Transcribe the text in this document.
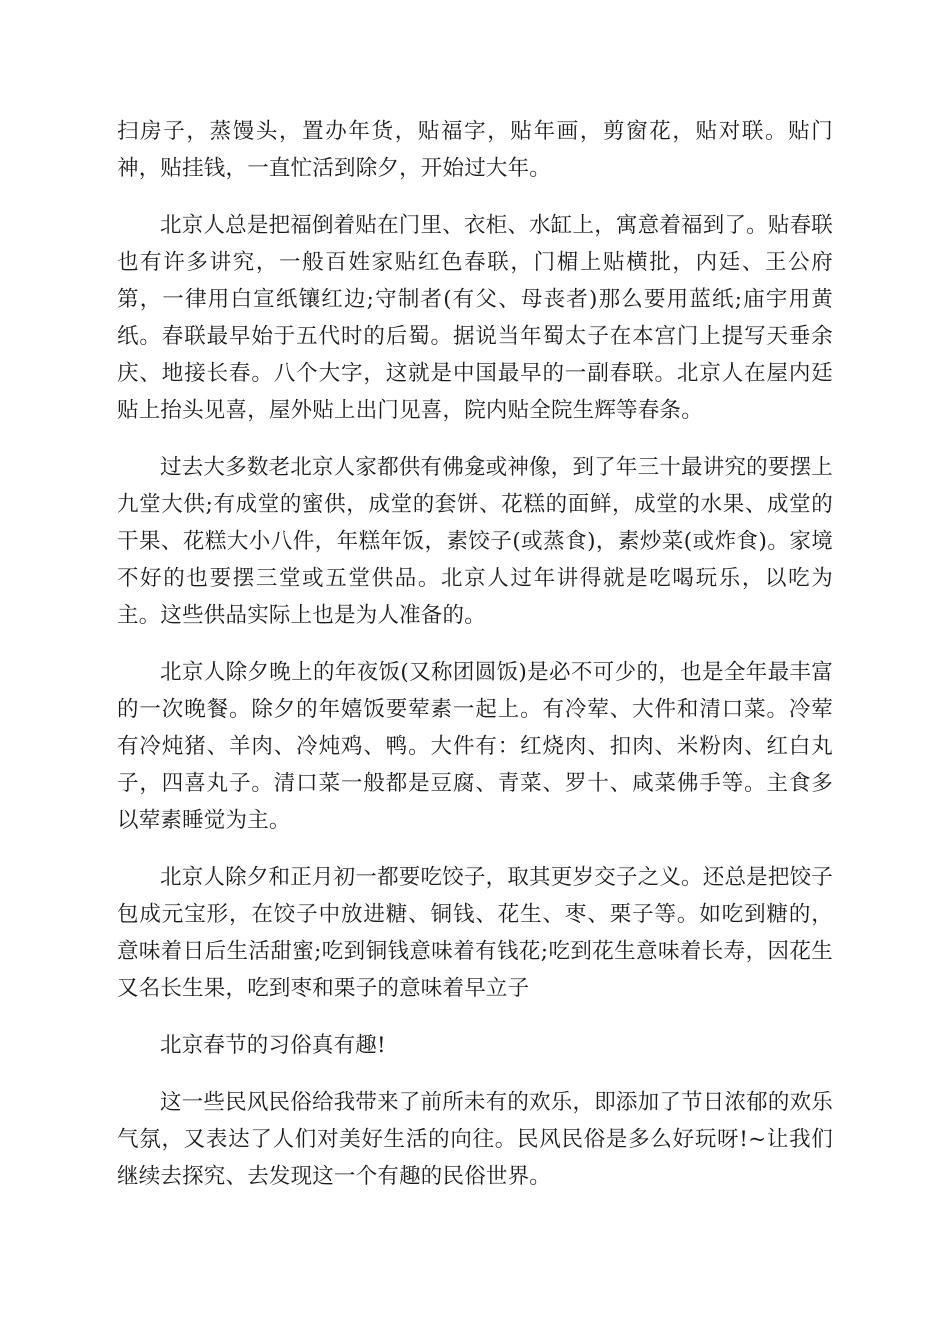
扫房子，蒸馒头，置办年货，贴福字，贴年画，剪窗花，贴对联。贴门神，贴挂钱，一直忙活到除夕，开始过大年。

北京人总是把福倒着贴在门里、衣柜、水缸上，寓意着福到了。贴春联也有许多讲究，一般百姓家贴红色春联，门楣上贴横批，内廷、王公府第，一律用白宣纸镶红边;守制者(有父、母丧者)那么要用蓝纸;庙宇用黄纸。春联最早始于五代时的后蜀。据说当年蜀太子在本宫门上提写天垂余庆、地接长春。八个大字，这就是中国最早的一副春联。北京人在屋内廷贴上抬头见喜，屋外贴上出门见喜，院内贴全院生辉等春条。

过去大多数老北京人家都供有佛龛或神像，到了年三十最讲究的要摆上九堂大供;有成堂的蜜供，成堂的套饼、花糕的面鲜，成堂的水果、成堂的干果、花糕大小八件，年糕年饭，素饺子(或蒸食)，素炒菜(或炸食)。家境不好的也要摆三堂或五堂供品。北京人过年讲得就是吃喝玩乐，以吃为主。这些供品实际上也是为人准备的。

北京人除夕晚上的年夜饭(又称团圆饭)是必不可少的，也是全年最丰富的一次晚餐。除夕的年嬉饭要荤素一起上。有冷荤、大件和清口菜。冷荤有冷炖猪、羊肉、冷炖鸡、鸭。大件有：红烧肉、扣肉、米粉肉、红白丸子，四喜丸子。清口菜一般都是豆腐、青菜、罗十、咸菜佛手等。主食多以荤素睡觉为主。

北京人除夕和正月初一都要吃饺子，取其更岁交子之义。还总是把饺子包成元宝形，在饺子中放进糖、铜钱、花生、枣、栗子等。如吃到糖的，意味着日后生活甜蜜;吃到铜钱意味着有钱花;吃到花生意味着长寿，因花生又名长生果，吃到枣和栗子的意味着早立子

北京春节的习俗真有趣!

这一些民风民俗给我带来了前所未有的欢乐，即添加了节日浓郁的欢乐气氛，又表达了人们对美好生活的向往。民风民俗是多么好玩呀!~让我们继续去探究、去发现这一个有趣的民俗世界。
